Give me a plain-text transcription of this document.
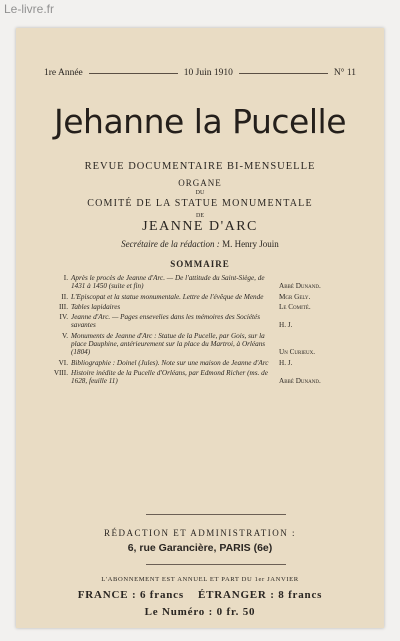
Le-livre.fr
1re Année	10 Juin 1910	N° 11
Jehanne la Pucelle
REVUE DOCUMENTAIRE BI-MENSUELLE
ORGANE
DU
COMITÉ DE LA STATUE MONUMENTALE
DE
JEANNE D'ARC
Secrétaire de la rédaction : M. Henry Jouin
SOMMAIRE
I. Après le procès de Jeanne d'Arc. — De l'attitude du Saint-Siège, de 1431 à 1450 (suite et fin)	Abbé Dunand.
II. L'Episcopat et la statue monumentale. Lettre de l'évêque de Mende	Mgr Gely.
III. Tables lapidaires	Le Comité.
IV. Jeanne d'Arc. — Pages ensevelies dans les mémoires des Sociétés savantes	H. J.
V. Monuments de Jeanne d'Arc : Statue de la Pucelle, par Gois, sur la place Dauphine, antérieurement sur la place du Martroi, à Orléans (1804)	Un Curieux.
VI. Bibliographie : Doinel (Jules). Note sur une maison de Jeanne d'Arc	H. J.
VIII. Histoire inédite de la Pucelle d'Orléans, par Edmond Richer (ms. de 1628, feuille 11)	Abbé Dunand.
RÉDACTION ET ADMINISTRATION :
6, rue Garancière, PARIS (6e)
L'ABONNEMENT EST ANNUEL ET PART DU 1er JANVIER
FRANCE : 6 francs ÉTRANGER : 8 francs
Le Numéro : 0 fr. 50
